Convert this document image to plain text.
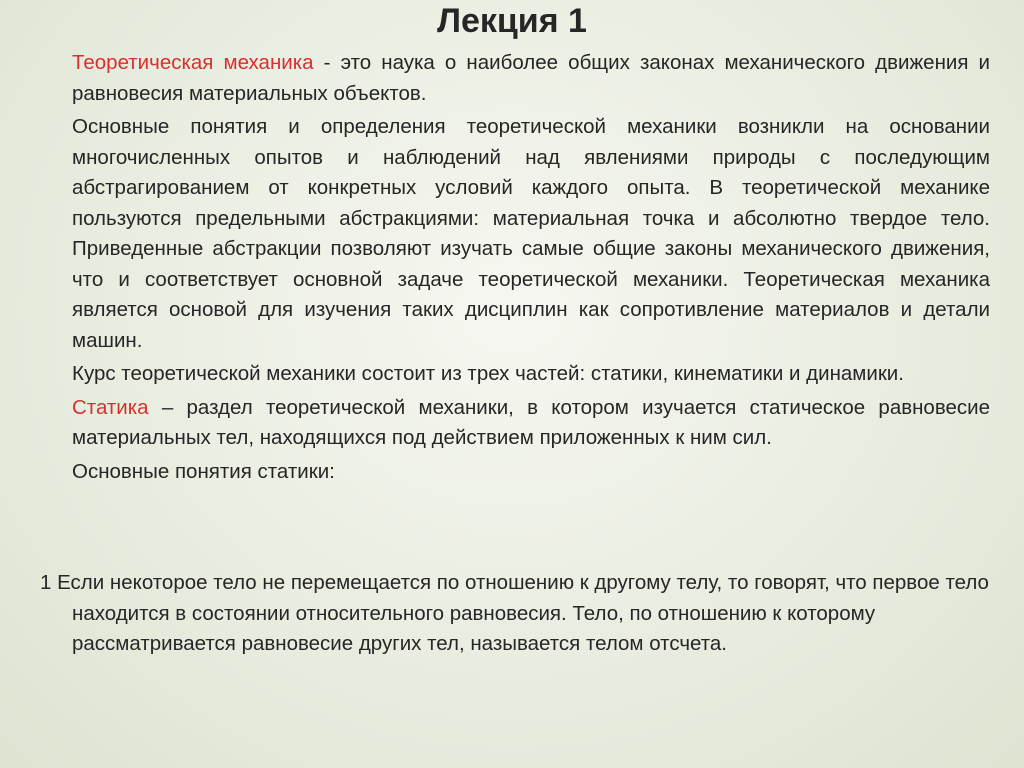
Лекция 1

Теоретическая механика - это наука о наиболее общих законах механического движения и равновесия материальных объектов.

Основные понятия и определения теоретической механики возникли на основании многочисленных опытов и наблюдений над явлениями природы с последующим абстрагированием от конкретных условий каждого опыта. В теоретической механике пользуются предельными абстракциями: материальная точка и абсолютно твердое тело. Приведенные абстракции позволяют изучать самые общие законы механического движения, что и соответствует основной задаче теоретической механики. Теоретическая механика является основой для изучения таких дисциплин как сопротивление материалов и детали машин.

Курс теоретической механики состоит из трех частей: статики, кинематики и динамики.

Статика – раздел теоретической механики, в котором изучается статическое равновесие материальных тел, находящихся под действием приложенных к ним сил.

Основные понятия статики:

1 Если некоторое тело не перемещается по отношению к другому телу, то говорят, что первое тело находится в состоянии относительного равновесия. Тело, по отношению к которому рассматривается равновесие других тел, называется телом отсчета.
